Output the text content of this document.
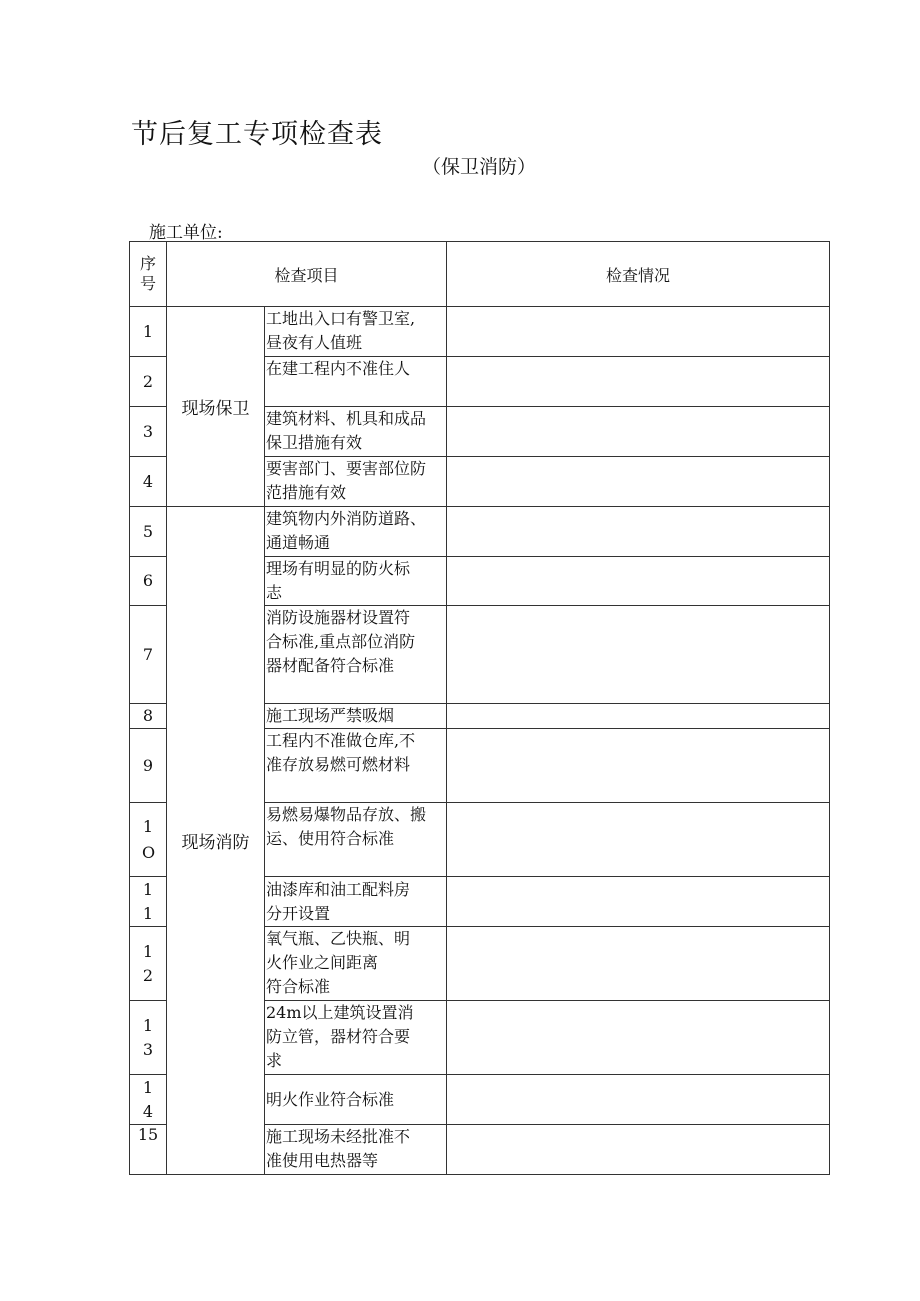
节后复工专项检查表
（保卫消防）
施工单位:
序号	检查项目		检查情况
1	现场保卫	工地出入口有警卫室,
昼夜有人值班	
2		在建工程内不准住人	
3		建筑材料、机具和成品
保卫措施有效	
4		要害部门、要害部位防
范措施有效	
5	现场消防	建筑物内外消防道路、
通道畅通	
6		理场有明显的防火标
志	
7		消防设施器材设置符
合标准,重点部位消防
器材配备符合标准	
8		施工现场严禁吸烟	
9		工程内不准做仓库,不
准存放易燃可燃材料	

1O		易燃易爆物品存放、搬
运、使用符合标准	

11		油漆库和油工配料房
分开设置	

12		氧气瓶、乙快瓶、明
火作业之间距离
符合标准	

13		24m以上建筑设置消
防立管，器材符合要
求	

14		明火作业符合标准	
15		施工现场未经批准不
准使用电热器等	
